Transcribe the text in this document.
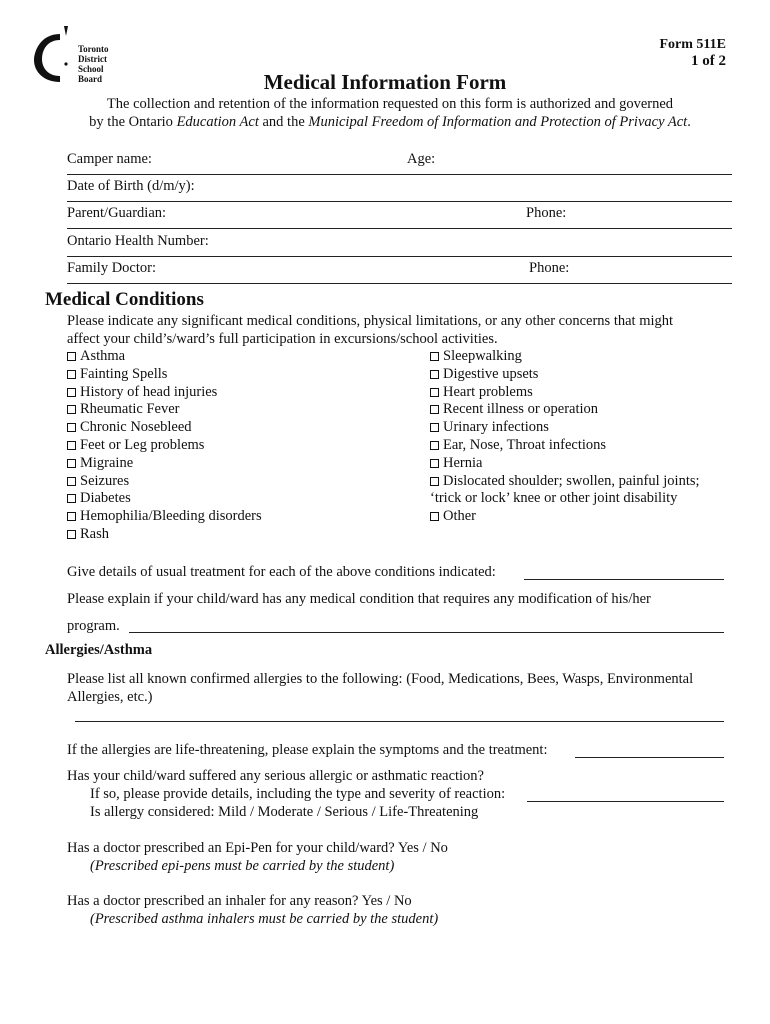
Toronto
District
School
Board
Form 511E
1 of 2
Medical Information Form
The collection and retention of the information requested on this form is authorized and governed
by the Ontario Education Act and the Municipal Freedom of Information and Protection of Privacy Act.
Camper name:	Age:
Date of Birth (d/m/y):
Parent/Guardian:	Phone:
Ontario Health Number:
Family Doctor:	Phone:
Medical Conditions
Please indicate any significant medical conditions, physical limitations, or any other concerns that might
affect your child’s/ward’s full participation in excursions/school activities.
Asthma
Fainting Spells
History of head injuries
Rheumatic Fever
Chronic Nosebleed
Feet or Leg problems
Migraine
Seizures
Diabetes
Hemophilia/Bleeding disorders
Rash
Sleepwalking
Digestive upsets
Heart problems
Recent illness or operation
Urinary infections
Ear, Nose, Throat infections
Hernia
Dislocated shoulder; swollen, painful joints;
‘trick or lock’ knee or other joint disability
Other
Give details of usual treatment for each of the above conditions indicated:
Please explain if your child/ward has any medical condition that requires any modification of his/her
program.
Allergies/Asthma
Please list all known confirmed allergies to the following: (Food, Medications, Bees, Wasps, Environmental
Allergies, etc.)
If the allergies are life-threatening, please explain the symptoms and the treatment:
Has your child/ward suffered any serious allergic or asthmatic reaction?
If so, please provide details, including the type and severity of reaction:
Is allergy considered: Mild / Moderate / Serious / Life-Threatening
Has a doctor prescribed an Epi-Pen for your child/ward? Yes / No
(Prescribed epi-pens must be carried by the student)
Has a doctor prescribed an inhaler for any reason? Yes / No
(Prescribed asthma inhalers must be carried by the student)
